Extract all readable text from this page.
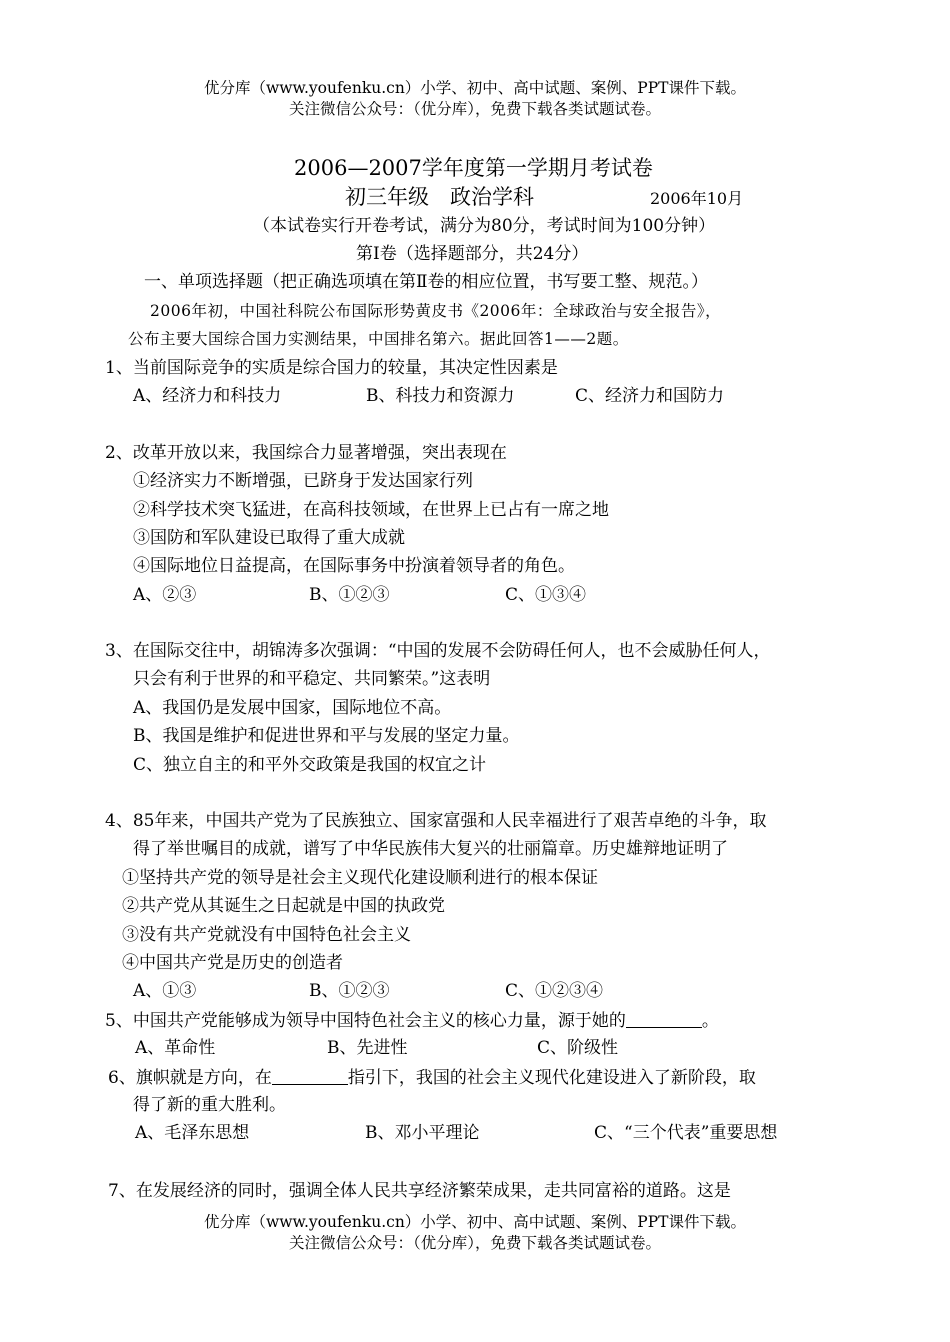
优分库（www.youfenku.cn）小学、初中、高中试题、案例、PPT课件下载。
关注微信公众号：（优分库），免费下载各类试题试卷。
2006—2007学年度第一学期月考试卷
初三年级　政治学科	2006年10月
（本试卷实行开卷考试，满分为80分，考试时间为100分钟）
第Ⅰ卷（选择题部分，共24分）
一、单项选择题（把正确选项填在第Ⅱ卷的相应位置，书写要工整、规范。）
2006年初，中国社科院公布国际形势黄皮书《2006年：全球政治与安全报告》，
公布主要大国综合国力实测结果，中国排名第六。据此回答1——2题。
1、当前国际竞争的实质是综合国力的较量，其决定性因素是
A、经济力和科技力	B、科技力和资源力	C、经济力和国防力
2、改革开放以来，我国综合力显著增强，突出表现在
①经济实力不断增强，已跻身于发达国家行列
②科学技术突飞猛进，在高科技领域，在世界上已占有一席之地
③国防和军队建设已取得了重大成就
④国际地位日益提高，在国际事务中扮演着领导者的角色。
A、②③	B、①②③	C、①③④
3、在国际交往中，胡锦涛多次强调：“中国的发展不会防碍任何人，也不会威胁任何人，
只会有利于世界的和平稳定、共同繁荣。”这表明
A、我国仍是发展中国家，国际地位不高。
B、我国是维护和促进世界和平与发展的坚定力量。
C、独立自主的和平外交政策是我国的权宜之计
4、85年来，中国共产党为了民族独立、国家富强和人民幸福进行了艰苦卓绝的斗争，取
得了举世嘱目的成就，谱写了中华民族伟大复兴的壮丽篇章。历史雄辩地证明了
①坚持共产党的领导是社会主义现代化建设顺利进行的根本保证
②共产党从其诞生之日起就是中国的执政党
③没有共产党就没有中国特色社会主义
④中国共产党是历史的创造者
A、①③	B、①②③	C、①②③④
5、中国共产党能够成为领导中国特色社会主义的核心力量，源于她的	。
A、革命性	B、先进性	C、阶级性
6、旗帜就是方向，在	指引下，我国的社会主义现代化建设进入了新阶段，取
得了新的重大胜利。
A、毛泽东思想	B、邓小平理论	C、“三个代表”重要思想
7、在发展经济的同时，强调全体人民共享经济繁荣成果，走共同富裕的道路。这是
优分库（www.youfenku.cn）小学、初中、高中试题、案例、PPT课件下载。
关注微信公众号：（优分库），免费下载各类试题试卷。
